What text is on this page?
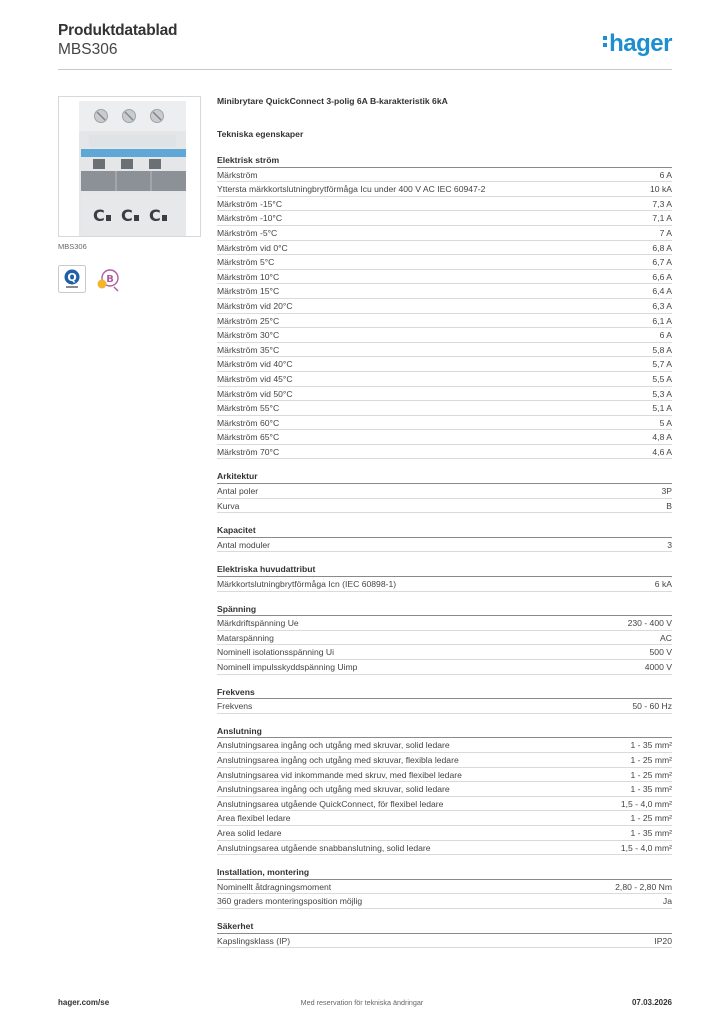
Produktdatablad
MBS306	hager
C C C
MBS306
Q	B
Minibrytare QuickConnect 3-polig 6A B-karakteristik 6kA
Tekniska egenskaper
Elektrisk ström
Märkström	6 A
Yttersta märkkortslutningbrytförmåga Icu under 400 V AC IEC 60947-2	10 kA
Märkström -15°C	7,3 A
Märkström -10°C	7,1 A
Märkström -5°C	7 A
Märkström vid 0°C	6,8 A
Märkström 5°C	6,7 A
Märkström 10°C	6,6 A
Märkström 15°C	6,4 A
Märkström vid 20°C	6,3 A
Märkström 25°C	6,1 A
Märkström 30°C	6 A
Märkström 35°C	5,8 A
Märkström vid 40°C	5,7 A
Märkström vid 45°C	5,5 A
Märkström vid 50°C	5,3 A
Märkström 55°C	5,1 A
Märkström 60°C	5 A
Märkström 65°C	4,8 A
Märkström 70°C	4,6 A
Arkitektur
Antal poler	3P
Kurva	B
Kapacitet
Antal moduler	3
Elektriska huvudattribut
Märkkortslutningbrytförmåga Icn (IEC 60898-1)	6 kA
Spänning
Märkdriftspänning Ue	230 - 400 V
Matarspänning	AC
Nominell isolationsspänning Ui	500 V
Nominell impulsskyddspänning Uimp	4000 V
Frekvens
Frekvens	50 - 60 Hz
Anslutning
Anslutningsarea ingång och utgång med skruvar, solid ledare	1 - 35 mm²
Anslutningsarea ingång och utgång med skruvar, flexibla ledare	1 - 25 mm²
Anslutningsarea vid inkommande med skruv, med flexibel ledare	1 - 25 mm²
Anslutningsarea ingång och utgång med skruvar, solid ledare	1 - 35 mm²
Anslutningsarea utgående QuickConnect, för flexibel ledare	1,5 - 4,0 mm²
Area flexibel ledare	1 - 25 mm²
Area solid ledare	1 - 35 mm²
Anslutningsarea utgående snabbanslutning, solid ledare	1,5 - 4,0 mm²
Installation, montering
Nominellt åtdragningsmoment	2,80 - 2,80 Nm
360 graders monteringsposition möjlig	Ja
Säkerhet
Kapslingsklass (IP)	IP20
hager.com/se	Med reservation för tekniska ändringar	07.03.2026
